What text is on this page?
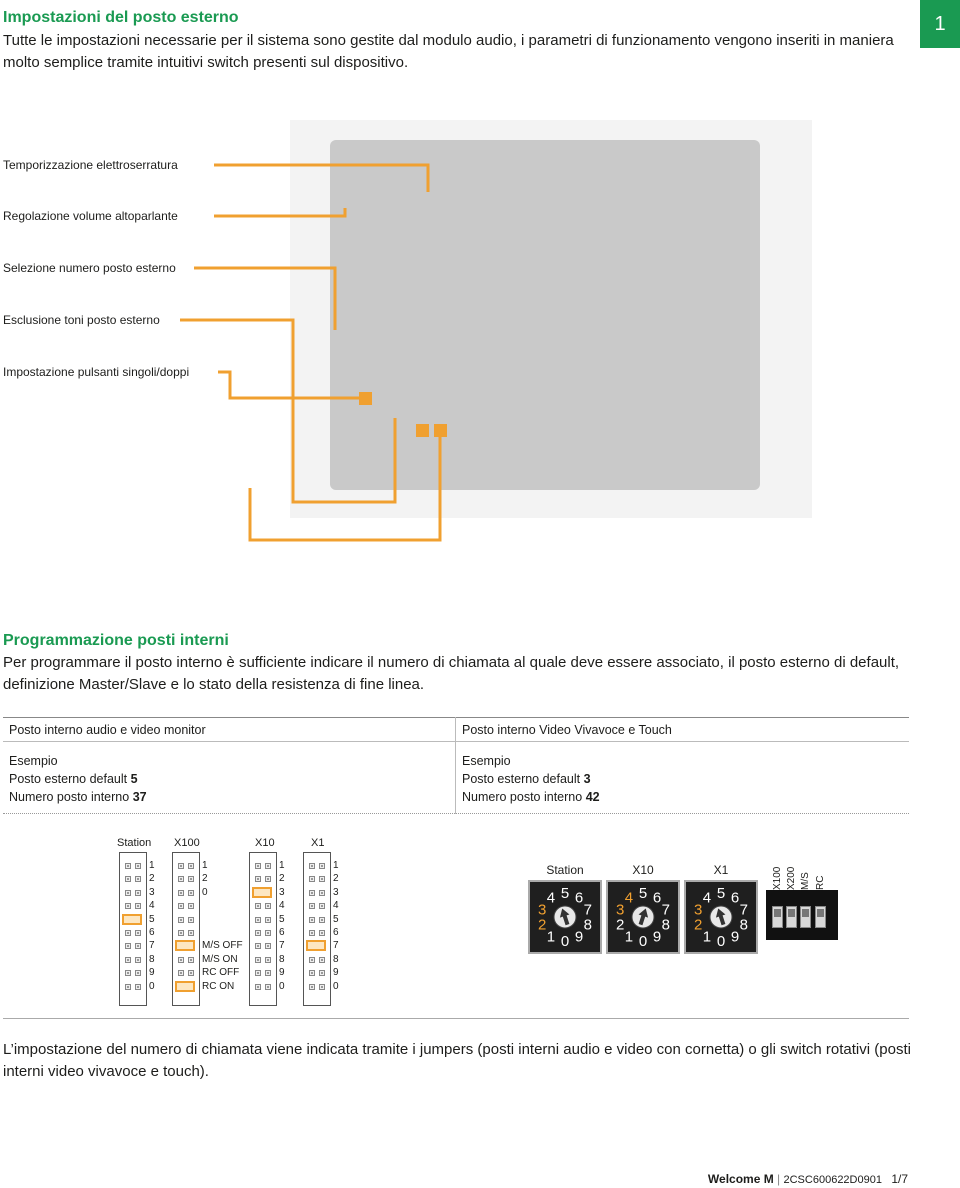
Impostazioni del posto esterno
Tutte le impostazioni necessarie per il sistema sono gestite dal modulo audio, i parametri di funzionamento vengono inseriti in maniera molto semplice tramite intuitivi switch presenti sul dispositivo.
1
Temporizzazione elettroserratura
Regolazione volume altoparlante
Selezione numero posto esterno
Esclusione toni posto esterno
Impostazione pulsanti singoli/doppi
Programmazione posti interni
Per programmare il posto interno è sufficiente indicare il numero di chiamata al quale deve essere associato, il posto esterno di default, definizione Master/Slave e lo stato della resistenza di fine linea.
Posto interno audio e video monitor	Posto interno Video Vivavoce e Touch
Esempio
Posto esterno default 5
Numero posto interno 37
Esempio
Posto esterno default 3
Numero posto interno 42
Station X100	X10	X1
Station	X10	X1
0
1
2
3
4 5 6
7
8
9	0
1
2
3
4 5 6
7
8
9	0
1
2
3
4 5 6
7
8
9
X100 X200 M/S RC
L’impostazione del numero di chiamata viene indicata tramite i jumpers (posti interni audio e video con cornetta) o gli switch rotativi (posti interni video vivavoce e touch).
Welcome M | 2CSC600622D0901 1/7
1
2
3
4
5
6
7
8
9
0
1
2
0
M/S OFF
M/S ON
RC OFF
RC ON
1
2
3
4
5
6
7
8
9
0
1
2
3
4
5
6
7
8
9
0
